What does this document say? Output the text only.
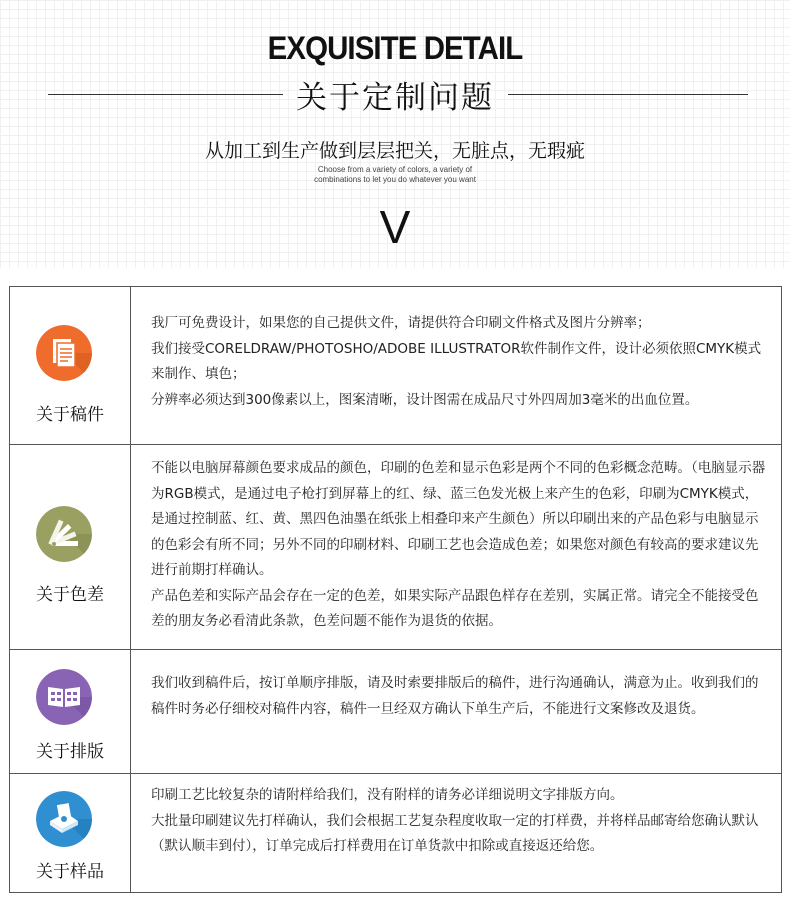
EXQUISITE DETAIL
关于定制问题
从加工到生产做到层层把关，无脏点，无瑕疵
Choose from a variety of colors, a variety of
combinations to let you do whatever you want
V
关于稿件

我厂可免费设计，如果您的自己提供文件，请提供符合印刷文件格式及图片分辨率；

我们接受CORELDRAW/PHOTOSHO/ADOBE ILLUSTRATOR软件制作文件，设计必须依照CMYK模式来制作、填色；

分辨率必须达到300像素以上，图案清晰，设计图需在成品尺寸外四周加3毫米的出血位置。

关于色差

不能以电脑屏幕颜色要求成品的颜色，印刷的色差和显示色彩是两个不同的色彩概念范畴。（电脑显示器为RGB模式，是通过电子枪打到屏幕上的红、绿、蓝三色发光极上来产生的色彩，印刷为CMYK模式，是通过控制蓝、红、黄、黑四色油墨在纸张上相叠印来产生颜色）所以印刷出来的产品色彩与电脑显示的色彩会有所不同；另外不同的印刷材料、印刷工艺也会造成色差；如果您对颜色有较高的要求建议先进行前期打样确认。

产品色差和实际产品会存在一定的色差，如果实际产品跟色样存在差别，实属正常。请完全不能接受色差的朋友务必看清此条款，色差问题不能作为退货的依据。

关于排版

我们收到稿件后，按订单顺序排版，请及时索要排版后的稿件，进行沟通确认，满意为止。收到我们的稿件时务必仔细校对稿件内容，稿件一旦经双方确认下单生产后，不能进行文案修改及退货。

关于样品

印刷工艺比较复杂的请附样给我们，没有附样的请务必详细说明文字排版方向。

大批量印刷建议先打样确认，我们会根据工艺复杂程度收取一定的打样费，并将样品邮寄给您确认默认（默认顺丰到付），订单完成后打样费用在订单货款中扣除或直接返还给您。
